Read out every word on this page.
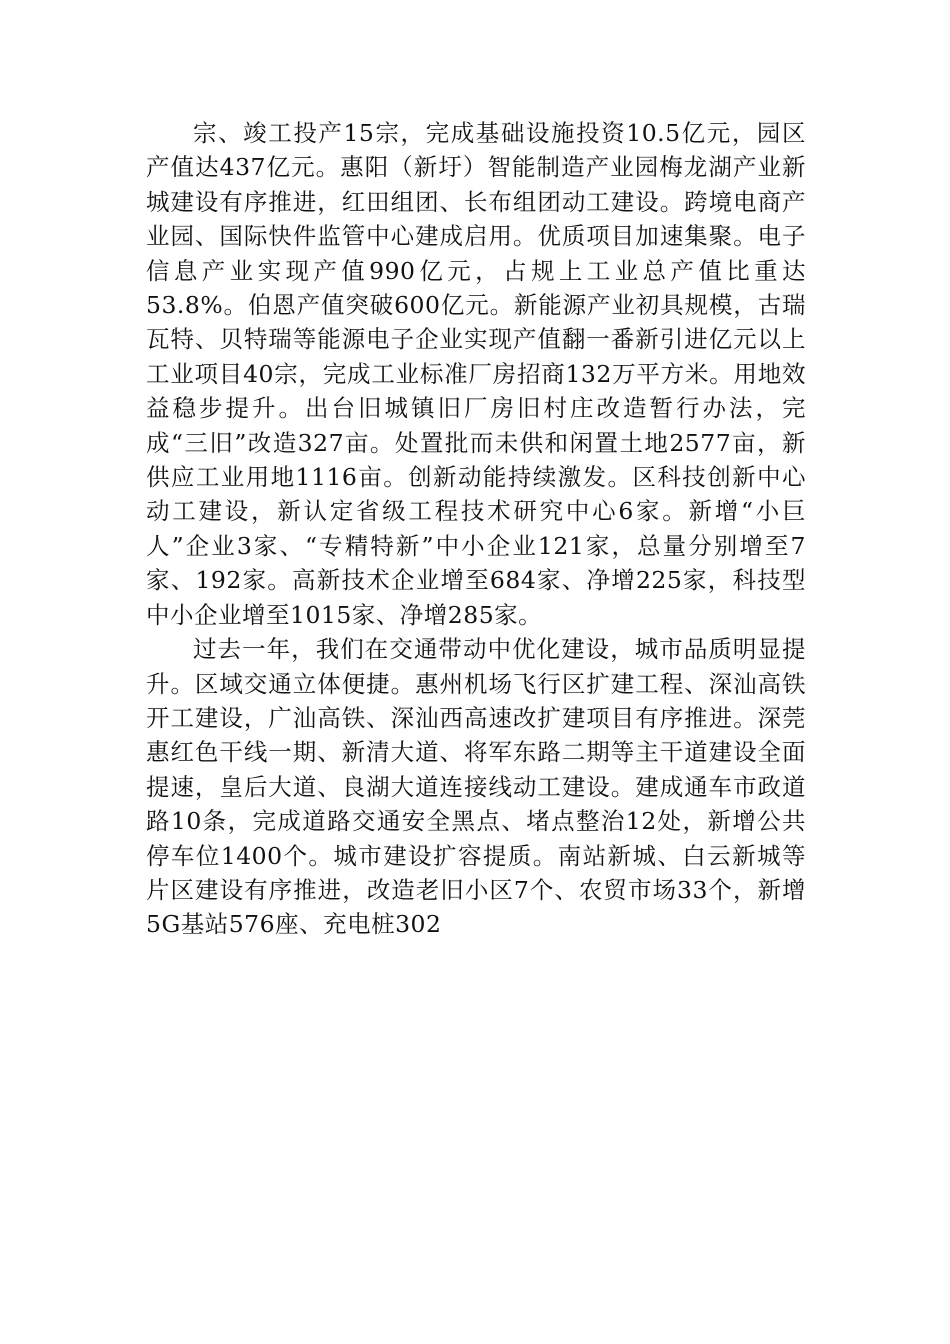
宗、竣工投产15宗，完成基础设施投资10.5亿元，园区产值达437亿元。惠阳（新圩）智能制造产业园梅龙湖产业新城建设有序推进，红田组团、长布组团动工建设。跨境电商产业园、国际快件监管中心建成启用。优质项目加速集聚。电子信息产业实现产值990亿元，占规上工业总产值比重达53.8%。伯恩产值突破600亿元。新能源产业初具规模，古瑞瓦特、贝特瑞等能源电子企业实现产值翻一番新引进亿元以上工业项目40宗，完成工业标准厂房招商132万平方米。用地效益稳步提升。出台旧城镇旧厂房旧村庄改造暂行办法，完成“三旧”改造327亩。处置批而未供和闲置土地2577亩，新供应工业用地1116亩。创新动能持续激发。区科技创新中心动工建设，新认定省级工程技术研究中心6家。新增“小巨人”企业3家、“专精特新”中小企业121家，总量分别增至7家、192家。高新技术企业增至684家、净增225家，科技型中小企业增至1015家、净增285家。

过去一年，我们在交通带动中优化建设，城市品质明显提升。区域交通立体便捷。惠州机场飞行区扩建工程、深汕高铁开工建设，广汕高铁、深汕西高速改扩建项目有序推进。深莞惠红色干线一期、新清大道、将军东路二期等主干道建设全面提速，皇后大道、良湖大道连接线动工建设。建成通车市政道路10条，完成道路交通安全黑点、堵点整治12处，新增公共停车位1400个。城市建设扩容提质。南站新城、白云新城等片区建设有序推进，改造老旧小区7个、农贸市场33个，新增5G基站576座、充电桩302
